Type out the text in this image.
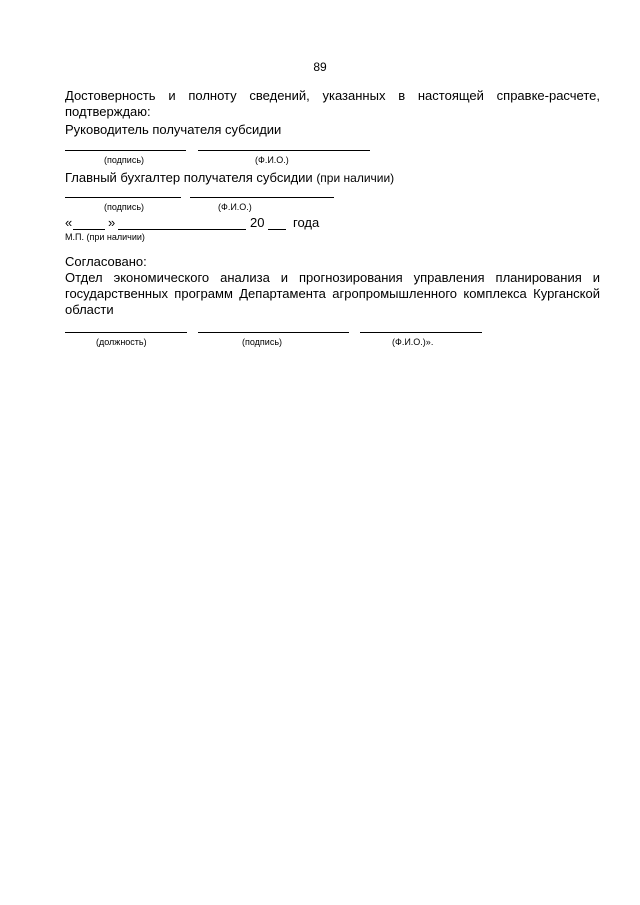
89
Достоверность и полноту сведений, указанных в настоящей справке-расчете, подтверждаю:
Руководитель получателя субсидии
(подпись)	(Ф.И.О.)
Главный бухгалтер получателя субсидии (при наличии)
(подпись)	(Ф.И.О.)
«	»	20 года
М.П. (при наличии)
Согласовано:
Отдел экономического анализа и прогнозирования управления планирования и государственных программ Департамента агропромышленного комплекса Курганской области
(должность)	(подпись)	(Ф.И.О.)».
